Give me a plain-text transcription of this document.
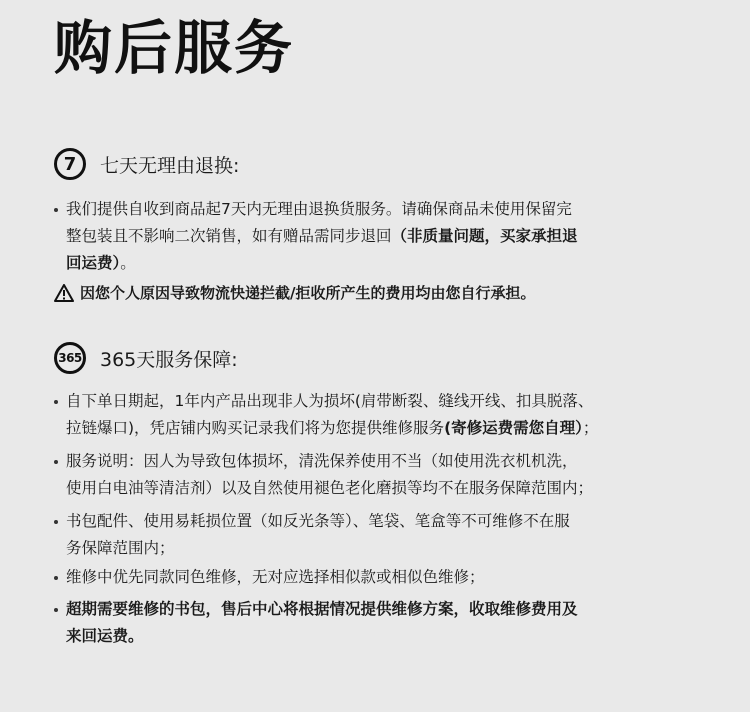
购后服务
7	七天无理由退换:
我们提供自收到商品起7天内无理由退换货服务。请确保商品未使用保留完
整包装且不影响二次销售，如有赠品需同步退回（非质量问题，买家承担退
回运费）。
因您个人原因导致物流快递拦截/拒收所产生的费用均由您自行承担。
365 365天服务保障:
自下单日期起，1年内产品出现非人为损坏(肩带断裂、缝线开线、扣具脱落、
拉链爆口)，凭店铺内购买记录我们将为您提供维修服务(寄修运费需您自理）；
服务说明：因人为导致包体损坏，清洗保养使用不当（如使用洗衣机机洗，
使用白电油等清洁剂）以及自然使用褪色老化磨损等均不在服务保障范围内；
书包配件、使用易耗损位置（如反光条等）、笔袋、笔盒等不可维修不在服
务保障范围内；
维修中优先同款同色维修，无对应选择相似款或相似色维修；
超期需要维修的书包，售后中心将根据情况提供维修方案，收取维修费用及
来回运费。
